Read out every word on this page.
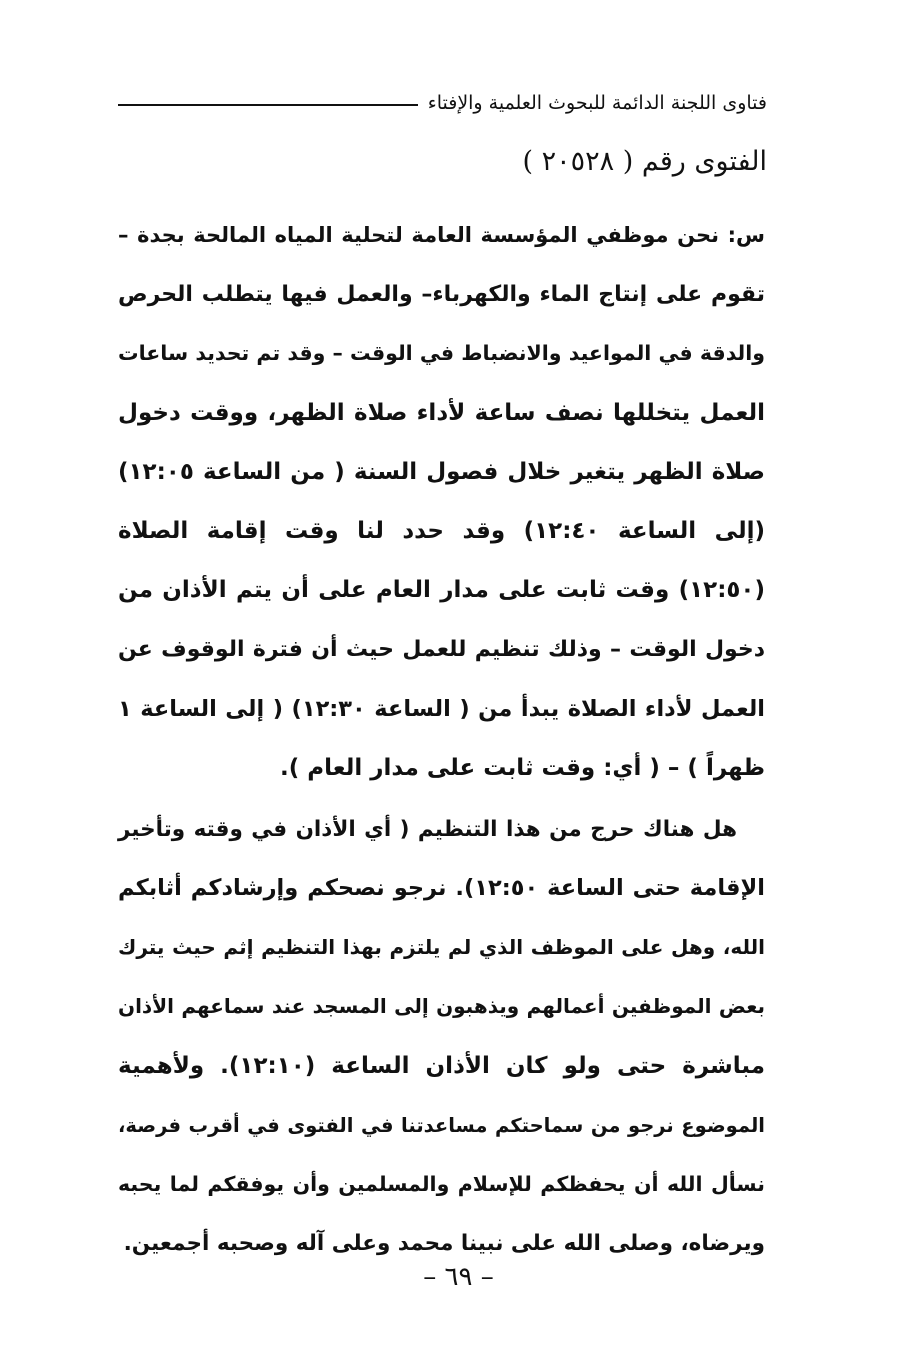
فتاوى اللجنة الدائمة للبحوث العلمية والإفتاء
الفتوى رقم ( ٢٠٥٢٨ )
س: نحن موظفي المؤسسة العامة لتحلية المياه المالحة بجدة –
تقوم على إنتاج الماء والكهرباء– والعمل فيها يتطلب الحرص
والدقة في المواعيد والانضباط في الوقت – وقد تم تحديد ساعات
العمل يتخللها نصف ساعة لأداء صلاة الظهر، ووقت دخول
صلاة الظهر يتغير خلال فصول السنة ( من الساعة ١٢:٠٥)
(إلى الساعة ١٢:٤٠) وقد حدد لنا وقت إقامة الصلاة
(١٢:٥٠) وقت ثابت على مدار العام على أن يتم الأذان من
دخول الوقت – وذلك تنظيم للعمل حيث أن فترة الوقوف عن
العمل لأداء الصلاة يبدأ من ( الساعة ١٢:٣٠) ( إلى الساعة ١
ظهراً ) – ( أي: وقت ثابت على مدار العام ).
هل هناك حرج من هذا التنظيم ( أي الأذان في وقته وتأخير
الإقامة حتى الساعة ١٢:٥٠). نرجو نصحكم وإرشادكم أثابكم
الله، وهل على الموظف الذي لم يلتزم بهذا التنظيم إثم حيث يترك
بعض الموظفين أعمالهم ويذهبون إلى المسجد عند سماعهم الأذان
مباشرة حتى ولو كان الأذان الساعة (١٢:١٠). ولأهمية
الموضوع نرجو من سماحتكم مساعدتنا في الفتوى في أقرب فرصة،
نسأل الله أن يحفظكم للإسلام والمسلمين وأن يوفقكم لما يحبه
ويرضاه، وصلى الله على نبينا محمد وعلى آله وصحبه أجمعين.
– ٦٩ –
